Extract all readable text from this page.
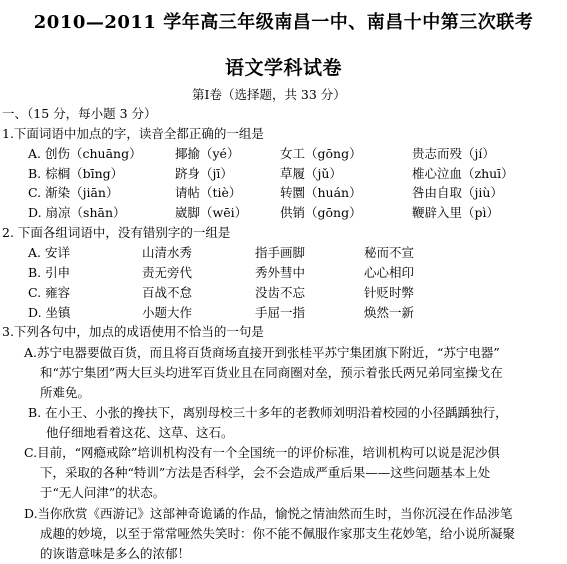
2010—2011 学年高三年级南昌一中、南昌十中第三次联考
语文学科试卷
第Ⅰ卷（选择题，共 33 分）
一、（15 分，每小题 3 分）
1.下面词语中加点的字，读音全都正确的一组是
A. 创伤（chuāng）	揶揄（yé）	女工（gōng）	贵志而殁（jí）
B. 棕榈（bīng）	跻身（jī）	草履（jǔ）	椎心泣血（zhuī）
C. 渐染（jiān）	请帖（tiè）	转圜（huán）	咎由自取（jiù）
D. 扇凉（shān）	崴脚（wēi）	供销（gōng）	鞭辟入里（pì）
2. 下面各组词语中，没有错别字的一组是
A. 安详	山清水秀	指手画脚	秘而不宣
B. 引申	责无旁代	秀外彗中	心心相印
C. 雍容	百战不怠	没齿不忘	针贬时弊
D. 坐镇	小题大作	手屈一指	焕然一新
3.下列各句中，加点的成语使用不恰当的一句是
A.苏宁电器要做百货，而且将百货商场直接开到张桂平苏宁集团旗下附近，“苏宁电器”
和“苏宁集团”两大巨头均进军百货业且在同商圈对垒，预示着张氏两兄弟同室操戈在
所难免。
B. 在小王、小张的搀扶下，离别母校三十多年的老教师刘明沿着校园的小径踽踽独行，
他仔细地看着这花、这草、这石。
C.目前，“网瘾戒除”培训机构没有一个全国统一的评价标准，培训机构可以说是泥沙俱
下，采取的各种“特训”方法是否科学，会不会造成严重后果——这些问题基本上处
于“无人问津”的状态。
D.当你欣赏《西游记》这部神奇诡谲的作品，愉悦之情油然而生时，当你沉浸在作品涉笔
成趣的妙境，以至于常常哑然失笑时：你不能不佩服作家那支生花妙笔，给小说所凝聚
的诙谐意味是多么的浓郁！
